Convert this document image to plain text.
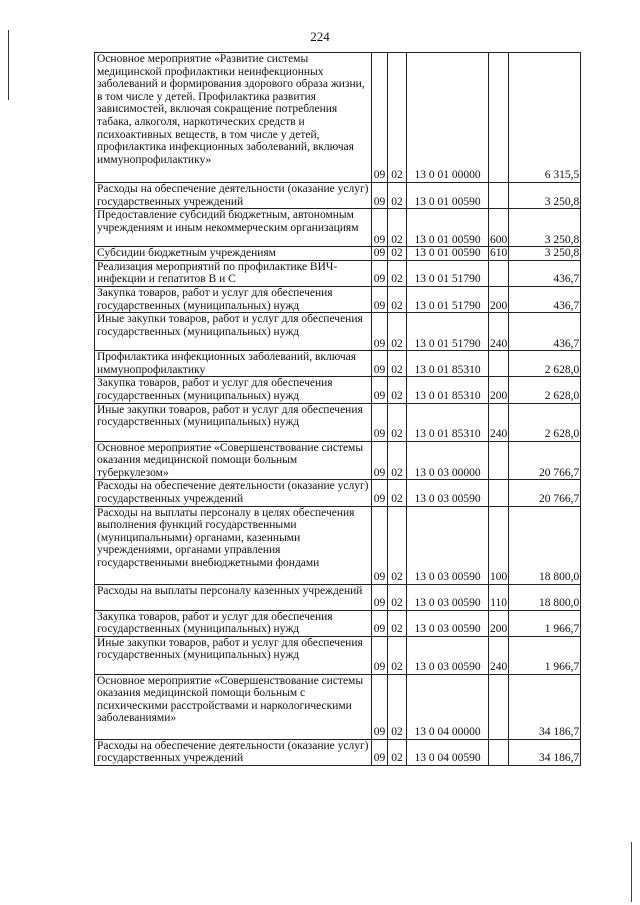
224
Основное мероприятие «Развитие системы медицинской профилактики неинфекционных заболеваний и формирования здорового образа жизни, в том числе у детей. Профилактика развития зависимостей, включая сокращение потребления табака, алкоголя, наркотических средств и психоактивных веществ, в том числе у детей, профилактика инфекционных заболеваний, включая иммунопрофилактику»	09	02	13 0 01 00000		6 315,5
Расходы на обеспечение деятельности (оказание услуг) государственных учреждений	09	02	13 0 01 00590		3 250,8
Предоставление субсидий бюджетным, автономным учреждениям и иным некоммерческим организациям	09	02	13 0 01 00590	600	3 250,8
Субсидии бюджетным учреждениям	09	02	13 0 01 00590	610	3 250,8
Реализация мероприятий по профилактике ВИЧ-инфекции и гепатитов В и С	09	02	13 0 01 51790		436,7
Закупка товаров, работ и услуг для обеспечения государственных (муниципальных) нужд	09	02	13 0 01 51790	200	436,7
Иные закупки товаров, работ и услуг для обеспечения государственных (муниципальных) нужд	09	02	13 0 01 51790	240	436,7
Профилактика инфекционных заболеваний, включая иммунопрофилактику	09	02	13 0 01 85310		2 628,0
Закупка товаров, работ и услуг для обеспечения государственных (муниципальных) нужд	09	02	13 0 01 85310	200	2 628,0
Иные закупки товаров, работ и услуг для обеспечения государственных (муниципальных) нужд	09	02	13 0 01 85310	240	2 628,0
Основное мероприятие «Совершенствование системы оказания медицинской помощи больным туберкулезом»	09	02	13 0 03 00000		20 766,7
Расходы на обеспечение деятельности (оказание услуг) государственных учреждений	09	02	13 0 03 00590		20 766,7
Расходы на выплаты персоналу в целях обеспечения выполнения функций государственными (муниципальными) органами, казенными учреждениями, органами управления государственными внебюджетными фондами	09	02	13 0 03 00590	100	18 800,0
Расходы на выплаты персоналу казенных учреждений	09	02	13 0 03 00590	110	18 800,0
Закупка товаров, работ и услуг для обеспечения государственных (муниципальных) нужд	09	02	13 0 03 00590	200	1 966,7
Иные закупки товаров, работ и услуг для обеспечения государственных (муниципальных) нужд	09	02	13 0 03 00590	240	1 966,7
Основное мероприятие «Совершенствование системы оказания медицинской помощи больным с психическими расстройствами и наркологическими заболеваниями»	09	02	13 0 04 00000		34 186,7
Расходы на обеспечение деятельности (оказание услуг) государственных учреждений	09	02	13 0 04 00590		34 186,7
